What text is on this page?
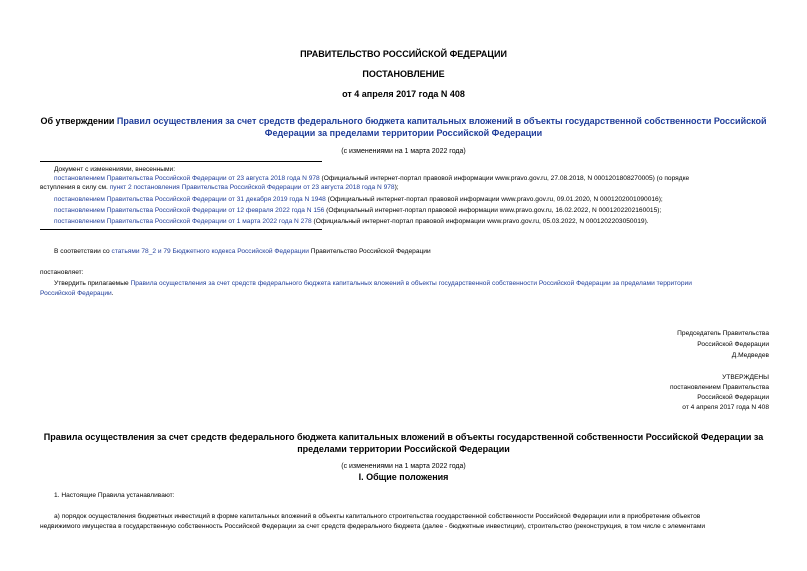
ПРАВИТЕЛЬСТВО РОССИЙСКОЙ ФЕДЕРАЦИИ
ПОСТАНОВЛЕНИЕ
от 4 апреля 2017 года N 408
Об утверждении Правил осуществления за счет средств федерального бюджета капитальных вложений в объекты государственной собственности Российской
Федерации за пределами территории Российской Федерации
(с изменениями на 1 марта 2022 года)
Документ с изменениями, внесенными:
постановлением Правительства Российской Федерации от 23 августа 2018 года N 978 (Официальный интернет-портал правовой информации www.pravo.gov.ru, 27.08.2018, N 0001201808270005) (о порядке
вступления в силу см. пункт 2 постановления Правительства Российской Федерации от 23 августа 2018 года N 978);
постановлением Правительства Российской Федерации от 31 декабря 2019 года N 1948 (Официальный интернет-портал правовой информации www.pravo.gov.ru, 09.01.2020, N 0001202001090016);
постановлением Правительства Российской Федерации от 12 февраля 2022 года N 156 (Официальный интернет-портал правовой информации www.pravo.gov.ru, 16.02.2022, N 0001202202160015);
постановлением Правительства Российской Федерации от 1 марта 2022 года N 278 (Официальный интернет-портал правовой информации www.pravo.gov.ru, 05.03.2022, N 0001202203050019).
В соответствии со статьями 78_2 и 79 Бюджетного кодекса Российской Федерации Правительство Российской Федерации
постановляет:
Утвердить прилагаемые Правила осуществления за счет средств федерального бюджета капитальных вложений в объекты государственной собственности Российской Федерации за пределами территории
Российской Федерации.
Председатель Правительства
Российской Федерации
Д.Медведев
УТВЕРЖДЕНЫ
постановлением Правительства
Российской Федерации
от 4 апреля 2017 года N 408
Правила осуществления за счет средств федерального бюджета капитальных вложений в объекты государственной собственности Российской Федерации за
пределами территории Российской Федерации
(с изменениями на 1 марта 2022 года)
I. Общие положения
1. Настоящие Правила устанавливают:
а) порядок осуществления бюджетных инвестиций в форме капитальных вложений в объекты капитального строительства государственной собственности Российской Федерации или в приобретение объектов
недвижимого имущества в государственную собственность Российской Федерации за счет средств федерального бюджета (далее - бюджетные инвестиции), строительство (реконструкция, в том числе с элементами
